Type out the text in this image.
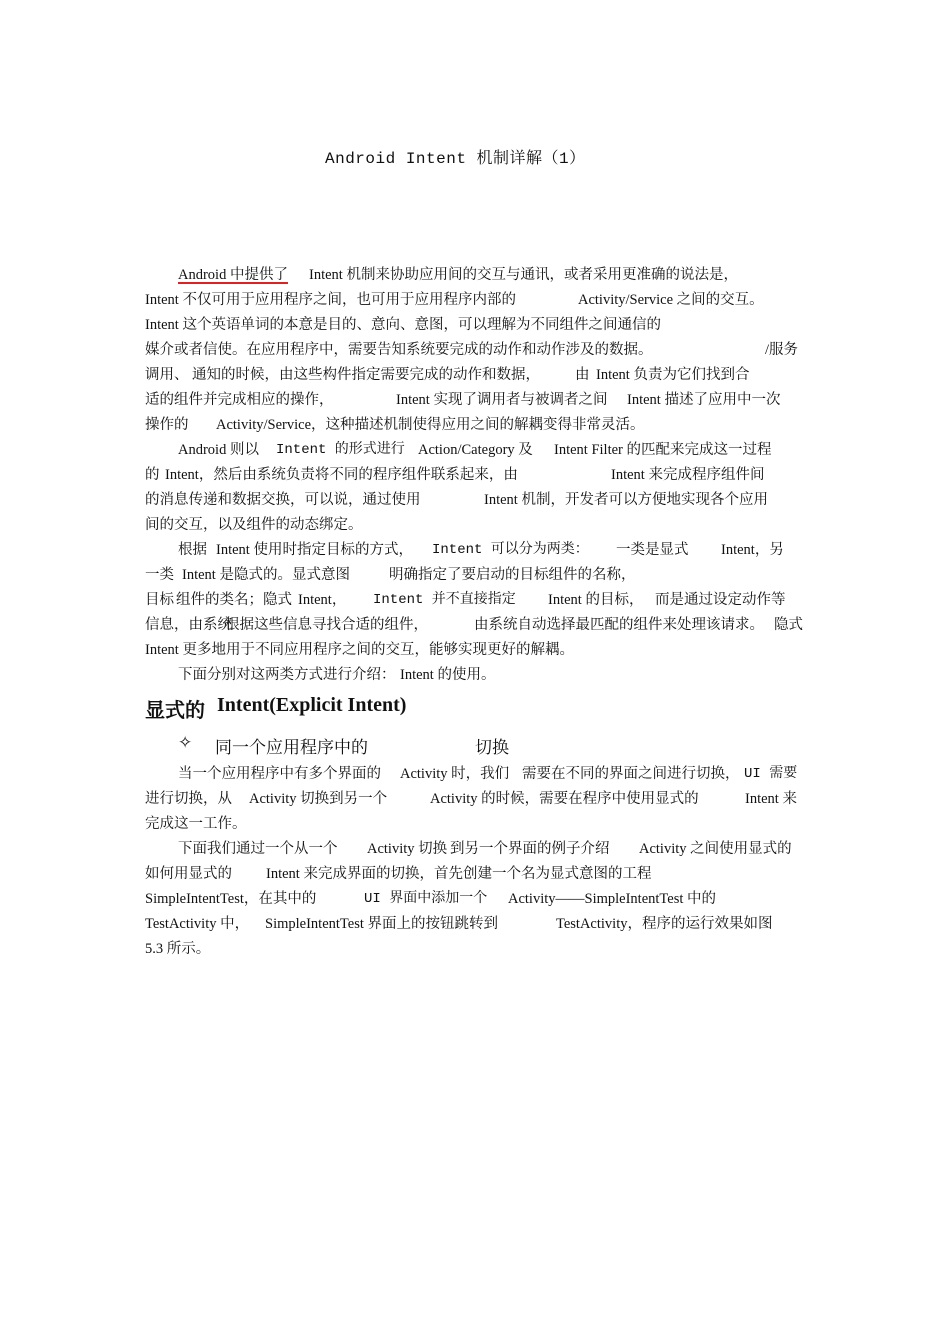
Android Intent 机制详解（1）

Android 中提供了

Intent 机制来协助应用间的交互与通讯，或者采用更准确的说法是，

Intent 不仅可用于应用程序之间，也可用于应用程序内部的

	Activity/Service 之间的交互。

Intent 这个英语单词的本意是目的、意向、意图，可以理解为不同组件之间通信的

媒介或者信使。在应用程序中，需要告知系统要完成的动作和动作涉及的数据。

	/服务

调用、

通知的时候，由这些构件指定需要完成的动作和数据，

由

Intent 负责为它们找到合

适的组件并完成相应的操作，

	Intent 实现了调用者与被调者之间

Intent 描述了应用中一次

操作的

Activity/Service，这种描述机制使得应用之间的解耦变得非常灵活。

Android 则以

Intent 的形式进行

Action/Category 及

Intent Filter 的匹配来完成这一过程

的

Intent，然后由系统负责将不同的程序组件联系起来，由

	Intent 来完成程序组件间

的消息传递和数据交换，可以说，通过使用

	Intent 机制，开发者可以方便地实现各个应用

间的交互，以及组件的动态绑定。

根据

Intent 使用时指定目标的方式，

Intent 可以分为两类：

一类是显式

Intent，另

一类

Intent 是隐式的。显式意图

	明确指定了要启动的目标组件的名称，

目标

组件的类名；隐式

Intent，

Intent 并不直接指定

Intent 的目标，

而是通过设定动作等

信息，由系统

根据这些信息寻找合适的组件，

	由系统自动选择最匹配的组件来处理该请求。

隐式

Intent 更多地用于不同应用程序之间的交互，能够实现更好的解耦。

下面分别对这两类方式进行介绍：

Intent 的使用。

显式的

Intent(Explicit Intent)

✧

同一个应用程序中的

	切换

当一个应用程序中有多个界面的

Activity 时，我们

需要在不同的界面之间进行切换，

UI 需要

进行切换，从

Activity 切换到另一个

	Activity 的时候，需要在程序中使用显式的

	Intent 来

完成这一工作。

下面我们通过一个从一个

Activity 切换

到另一个界面的例子介绍

Activity 之间使用显式的

如何用显式的

Intent 来完成界面的切换，首先创建一个名为显式意图的工程

SimpleIntentTest，在其中的

	UI 界面中添加一个

Activity——SimpleIntentTest 中的

TestActivity 中，

SimpleIntentTest 界面上的按钮跳转到

	TestActivity，程序的运行效果如图

5.3 所示。
